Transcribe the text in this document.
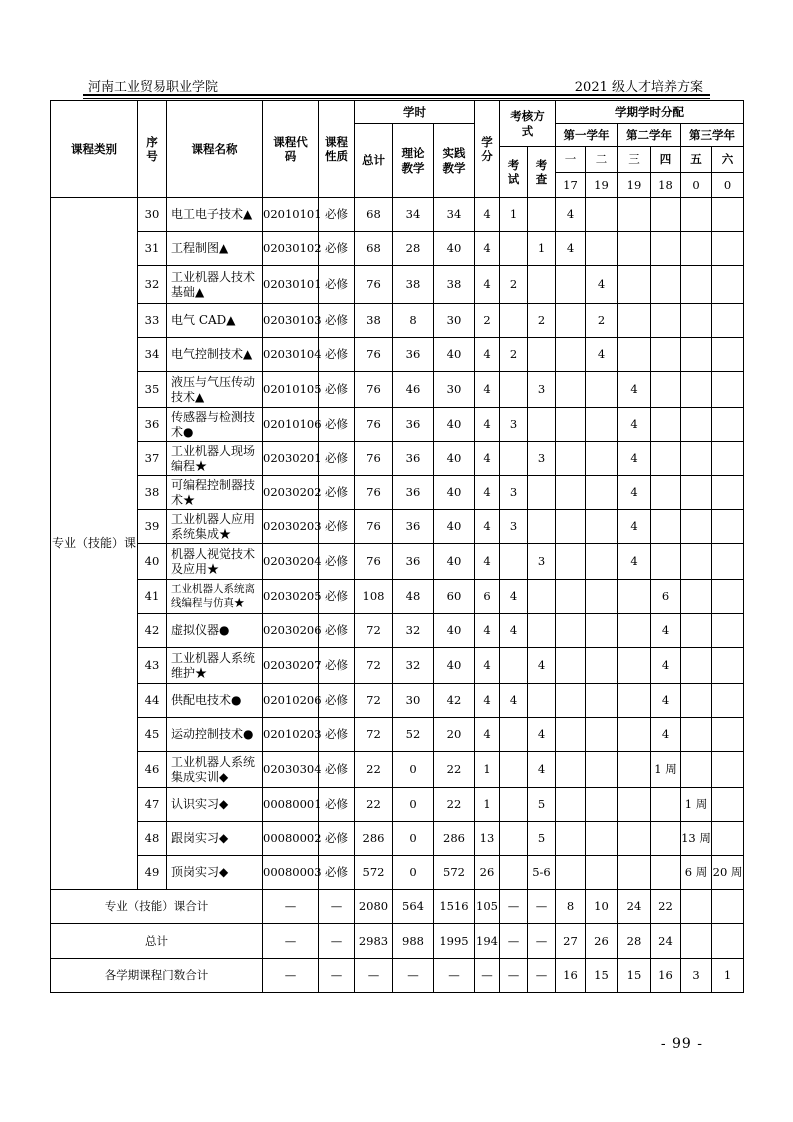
河南工业贸易职业学院	2021 级人才培养方案
课程类别	序号	课程名称	课程代码	课程性质	学时			学分	考核方式		学期学时分配					
					总计	理论教学	实践教学				第一学年		第二学年		第三学年	
									考试	考查	一	二	三	四	五	六
											17	19	19	18	0	0
专业（技能）课	30	电工电子技术▲	02010101	必修	68	34	34	4	1		4					
	31	工程制图▲	02030102	必修	68	28	40	4		1	4					
	32	工业机器人技术基础▲	02030101	必修	76	38	38	4	2			4				
	33	电气 CAD▲	02030103	必修	38	8	30	2		2		2				
	34	电气控制技术▲	02030104	必修	76	36	40	4	2			4				
	35	液压与气压传动技术▲	02010105	必修	76	46	30	4		3			4			
	36	传感器与检测技术●	02010106	必修	76	36	40	4	3				4			
	37	工业机器人现场编程★	02030201	必修	76	36	40	4		3			4			
	38	可编程控制器技术★	02030202	必修	76	36	40	4	3				4			
	39	工业机器人应用系统集成★	02030203	必修	76	36	40	4	3				4			
	40	机器人视觉技术及应用★	02030204	必修	76	36	40	4		3			4			
	41	工业机器人系统离线编程与仿真★	02030205	必修	108	48	60	6	4					6		
	42	虚拟仪器●	02030206	必修	72	32	40	4	4					4		
	43	工业机器人系统维护★	02030207	必修	72	32	40	4		4				4		
	44	供配电技术●	02010206	必修	72	30	42	4	4					4		
	45	运动控制技术●	02010203	必修	72	52	20	4		4				4		
	46	工业机器人系统集成实训◆	02030304	必修	22	0	22	1		4				1 周		
	47	认识实习◆	00080001	必修	22	0	22	1		5					1 周	
	48	跟岗实习◆	00080002	必修	286	0	286	13		5					13 周	
	49	顶岗实习◆	00080003	必修	572	0	572	26		5-6					6 周	20 周
专业（技能）课合计			—	—	2080	564	1516	105	—	—	8	10	24	22		
总计			—	—	2983	988	1995	194	—	—	27	26	28	24		
各学期课程门数合计			—	—	—	—	—	—	—	—	16	15	15	16	3	1
- 99 -
